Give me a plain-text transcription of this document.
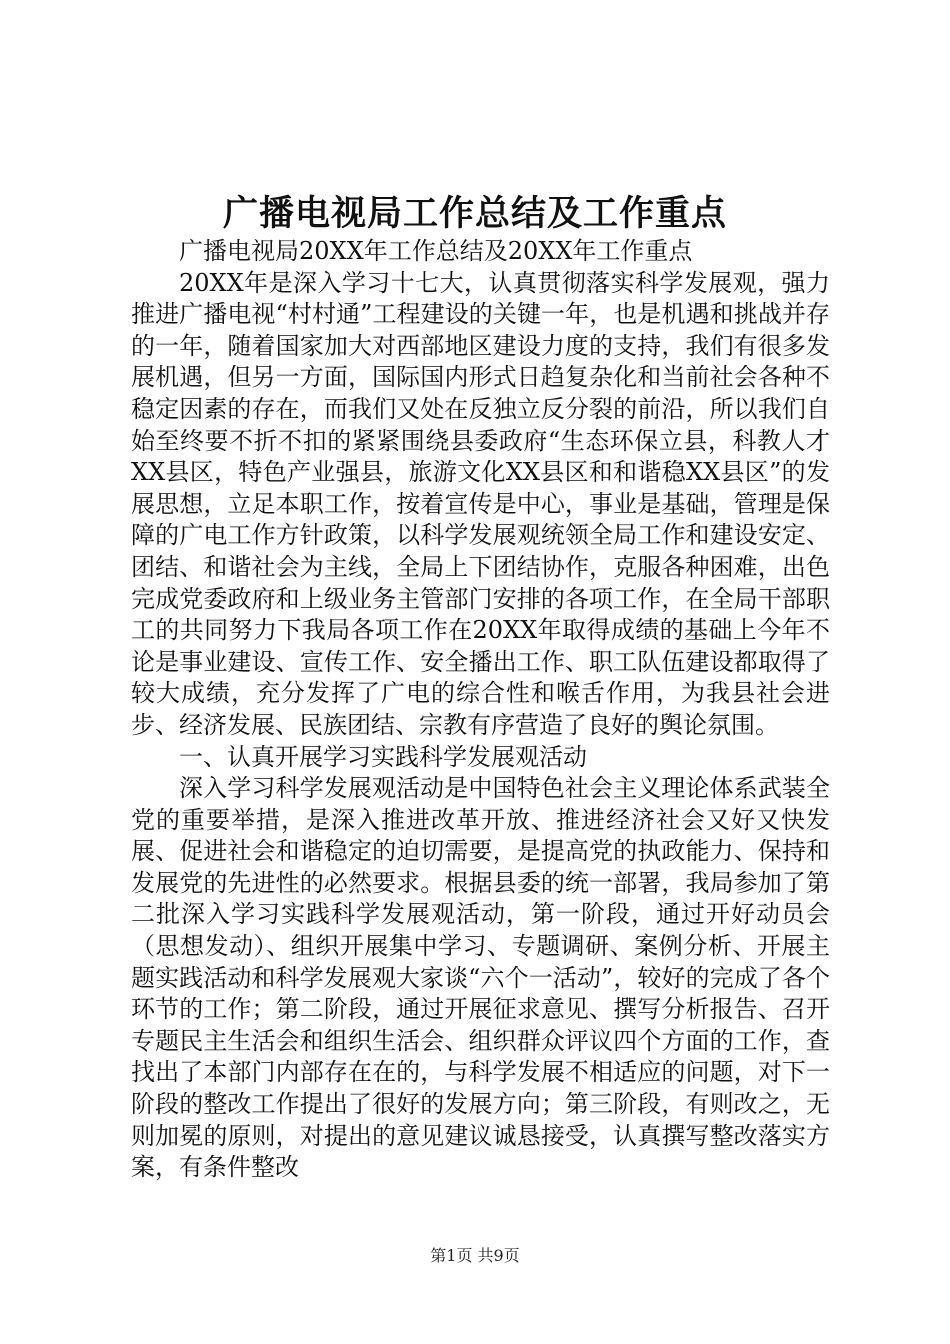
广播电视局工作总结及工作重点

广播电视局20XX年工作总结及20XX年工作重点

20XX年是深入学习十七大，认真贯彻落实科学发展观，强力推进广播电视“村村通”工程建设的关键一年，也是机遇和挑战并存的一年，随着国家加大对西部地区建设力度的支持，我们有很多发展机遇，但另一方面，国际国内形式日趋复杂化和当前社会各种不稳定因素的存在，而我们又处在反独立反分裂的前沿，所以我们自始至终要不折不扣的紧紧围绕县委政府“生态环保立县，科教人才XX县区，特色产业强县，旅游文化XX县区和和谐稳XX县区”的发展思想，立足本职工作，按着宣传是中心，事业是基础，管理是保障的广电工作方针政策，以科学发展观统领全局工作和建设安定、团结、和谐社会为主线，全局上下团结协作，克服各种困难，出色完成党委政府和上级业务主管部门安排的各项工作，在全局干部职工的共同努力下我局各项工作在20XX年取得成绩的基础上今年不论是事业建设、宣传工作、安全播出工作、职工队伍建设都取得了较大成绩，充分发挥了广电的综合性和喉舌作用，为我县社会进步、经济发展、民族团结、宗教有序营造了良好的舆论氛围。

一、认真开展学习实践科学发展观活动

深入学习科学发展观活动是中国特色社会主义理论体系武装全党的重要举措，是深入推进改革开放、推进经济社会又好又快发展、促进社会和谐稳定的迫切需要，是提高党的执政能力、保持和发展党的先进性的必然要求。根据县委的统一部署，我局参加了第二批深入学习实践科学发展观活动，第一阶段，通过开好动员会（思想发动）、组织开展集中学习、专题调研、案例分析、开展主题实践活动和科学发展观大家谈“六个一活动”，较好的完成了各个环节的工作；第二阶段，通过开展征求意见、撰写分析报告、召开专题民主生活会和组织生活会、组织群众评议四个方面的工作，查找出了本部门内部存在在的，与科学发展不相适应的问题，对下一阶段的整改工作提出了很好的发展方向；第三阶段，有则改之，无则加冕的原则，对提出的意见建议诚恳接受，认真撰写整改落实方案，有条件整改

第1页 共9页
